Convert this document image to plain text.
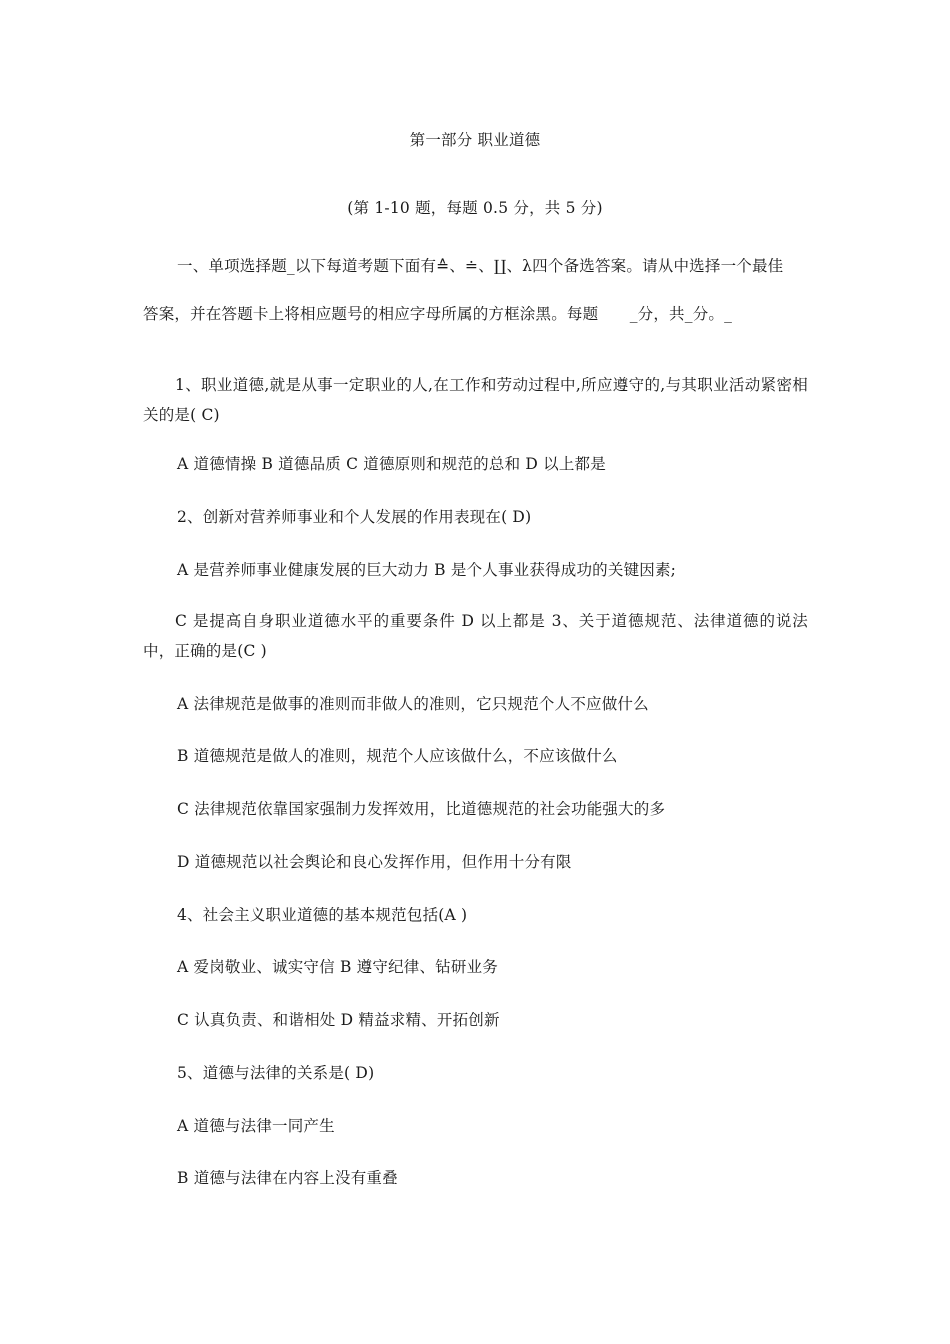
第一部分 职业道德
(第 1-10 题，每题 0.5 分，共 5 分)
一、单项选择题_以下每道考题下面有≙、≐、∐、λ四个备选答案。请从中选择一个最佳
答案，并在答题卡上将相应题号的相应字母所属的方框涂黑。每题　　_分，共_分。_
1、职业道德,就是从事一定职业的人,在工作和劳动过程中,所应遵守的,与其职业活动紧密相关的是( C)
A 道德情操 B 道德品质 C 道德原则和规范的总和 D 以上都是
2、创新对营养师事业和个人发展的作用表现在( D)
A 是营养师事业健康发展的巨大动力 B 是个人事业获得成功的关键因素;
C 是提高自身职业道德水平的重要条件 D 以上都是 3、关于道德规范、法律道德的说法中，正确的是(C )
A 法律规范是做事的准则而非做人的准则，它只规范个人不应做什么
B 道德规范是做人的准则，规范个人应该做什么，不应该做什么
C 法律规范依靠国家强制力发挥效用，比道德规范的社会功能强大的多
D 道德规范以社会舆论和良心发挥作用，但作用十分有限
4、社会主义职业道德的基本规范包括(A )
A 爱岗敬业、诚实守信 B 遵守纪律、钻研业务
C 认真负责、和谐相处 D 精益求精、开拓创新
5、道德与法律的关系是( D)
A 道德与法律一同产生
B 道德与法律在内容上没有重叠
